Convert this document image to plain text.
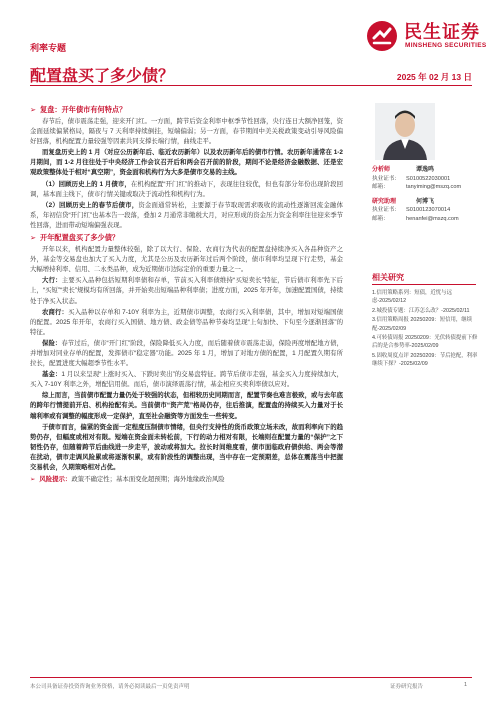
民生证券
MINSHENG SECURITIES
利率专题
配置盘买了多少债？	2025 年 02 月 13 日
➢ 复盘：开年债市有何特点？

春节后，债市震荡走强，迎来开门红。一方面，跨节后资金利率中枢季节性回落，央行连日大额净回笼，资金面延续偏紧格局，隔夜与 7 天利率持续倒挂，短端偏弱；另一方面，春节期间中美关税政策变动引导风险偏好回落，机构配置力量较强等因素共同支撑长端行情，曲线走平。

而复盘历史上的 1 月（对应公历新年后、临近农历新年）以及农历新年后的债市行情。农历新年通常在 1-2 月期间，而 1-2 月往往处于中央经济工作会议召开后和两会召开前的阶段，期间不论是经济金融数据、还是宏观政策整体处于相对“真空期”，资金面和机构行为大多是债市交易的主线。

（1）回顾历史上的 1 月债市，在机构配置“开门红”的推动下，表现往往较优，但也有部分年份出现阶段回调，基本面主线下，债市行情关键或取决于流动性和机构行为。

（2）回顾历史上的春节后债市，资金面通常转松，主要源于春节取现需求吸收的流动性逐渐回流金融体系，年初信贷“开门红”也基本告一段落，叠加 2 月通常非缴税大月，对应形成的资金压力资金利率往往迎来季节性回落，进而带动短端偏强表现。

➢ 开年配置盘买了多少债？

开年以来，机构配置力量整体较强，除了以大行、保险、农商行为代表的配置盘持续净买入各品种资产之外，基金等交易盘也加大了买入力度，尤其是公历及农历新年过后两个阶段，债市利率均呈现下行走势，基金大幅增持利率、信用、二永类品种，成为近期债市边际定价的重要力量之一。

大行：主要买入品种包括短期利率债和存单，节前买入利率债维持“买短卖长”特征，节后债市利率先下后上，“买短”“卖长”规模均有所回落，并开始卖出短端品种利率债；进度方面，2025 年开年，加速配置国债，持续处于净买入状态。

农商行：买入品种以存单和 7-10Y 利率为主，近期债市调整，农商行买入利率债，其中，增加对短端国债的配置。2025 年开年，农商行买入国债、地方债、政金债等品种节奏均呈现“上旬加快、下旬至今逐渐回落”的特征。

保险：春节过后，债市“开门红”阶段，保险降低买入力度，而后随着债市震荡走弱，保险再度增配地方债，并增加对同业存单的配置，发挥债市“稳定器”功能。2025 年 1 月，增加了对地方债的配置，1 月配置久期有所拉长，配置进度大幅超季节性水平。

基金：1 月以来呈现“上涨时买入、下跌时卖出”的交易盘特征。跨节后债市走强，基金买入力度持续加大，买入 7-10Y 利率之外，增配信用债。而后，债市演绎震荡行情，基金相应买卖利率债以应对。

综上而言，当前债市配置力量仍处于较强的状态，但相较历史同期而言，配置节奏也难言极致，或与去年底的跨年行情提前开启、机构抢配有关。当前债市“资产荒”格局仍存，往后推演，配置盘的持续买入力量对于长端利率或有调整的幅度形成一定保护，直至社会融资等方面发生一些转变。

于债市而言，偏紧的资金面一定程度压制债市情绪，但央行支持性的货币政策立场未改，故而利率向下的趋势仍存，但幅度或相对有限。短端在资金面未转松前，下行的动力相对有限，长端则在配置力量的“保护”之下韧性仍存，但随着跨节后曲线进一步走平，波动或将加大。拉长时间维度看，债市面临政府债供给、两会等潜在扰动，债市走调风险累或将逐渐积累，或有阶段性的调整出现，当中存在一定预期差，总体在震荡当中把握交易机会，久期策略相对占优。

➢ 风险提示：政策不确定性；基本面变化超预期；海外地缘政治风险
分析师	谭逸鸣
执业证书：	S0100522030001
邮箱：	tanyiming@mszq.com
研究助理	何博飞
执业证书：	S0100123070014
邮箱：	henanfei@mszq.com
相关研究
1.信用策略系列：短债，近忧与远虑-2025/02/12
2.城投债专题：江苏怎么改？-2025/02/11
3.信用策略周报 20250209：短信用，继续配-2025/02/09
4.可转债周报 20250209：光伏转债提前下修后的是合参势率-2025/02/09
5.固收周度点评 20250209：节后抢配，利率继续下探？-2025/02/09
本公司具备证券投资咨询业务资格，请务必阅读最后一页免责声明	证券研究报告	1
